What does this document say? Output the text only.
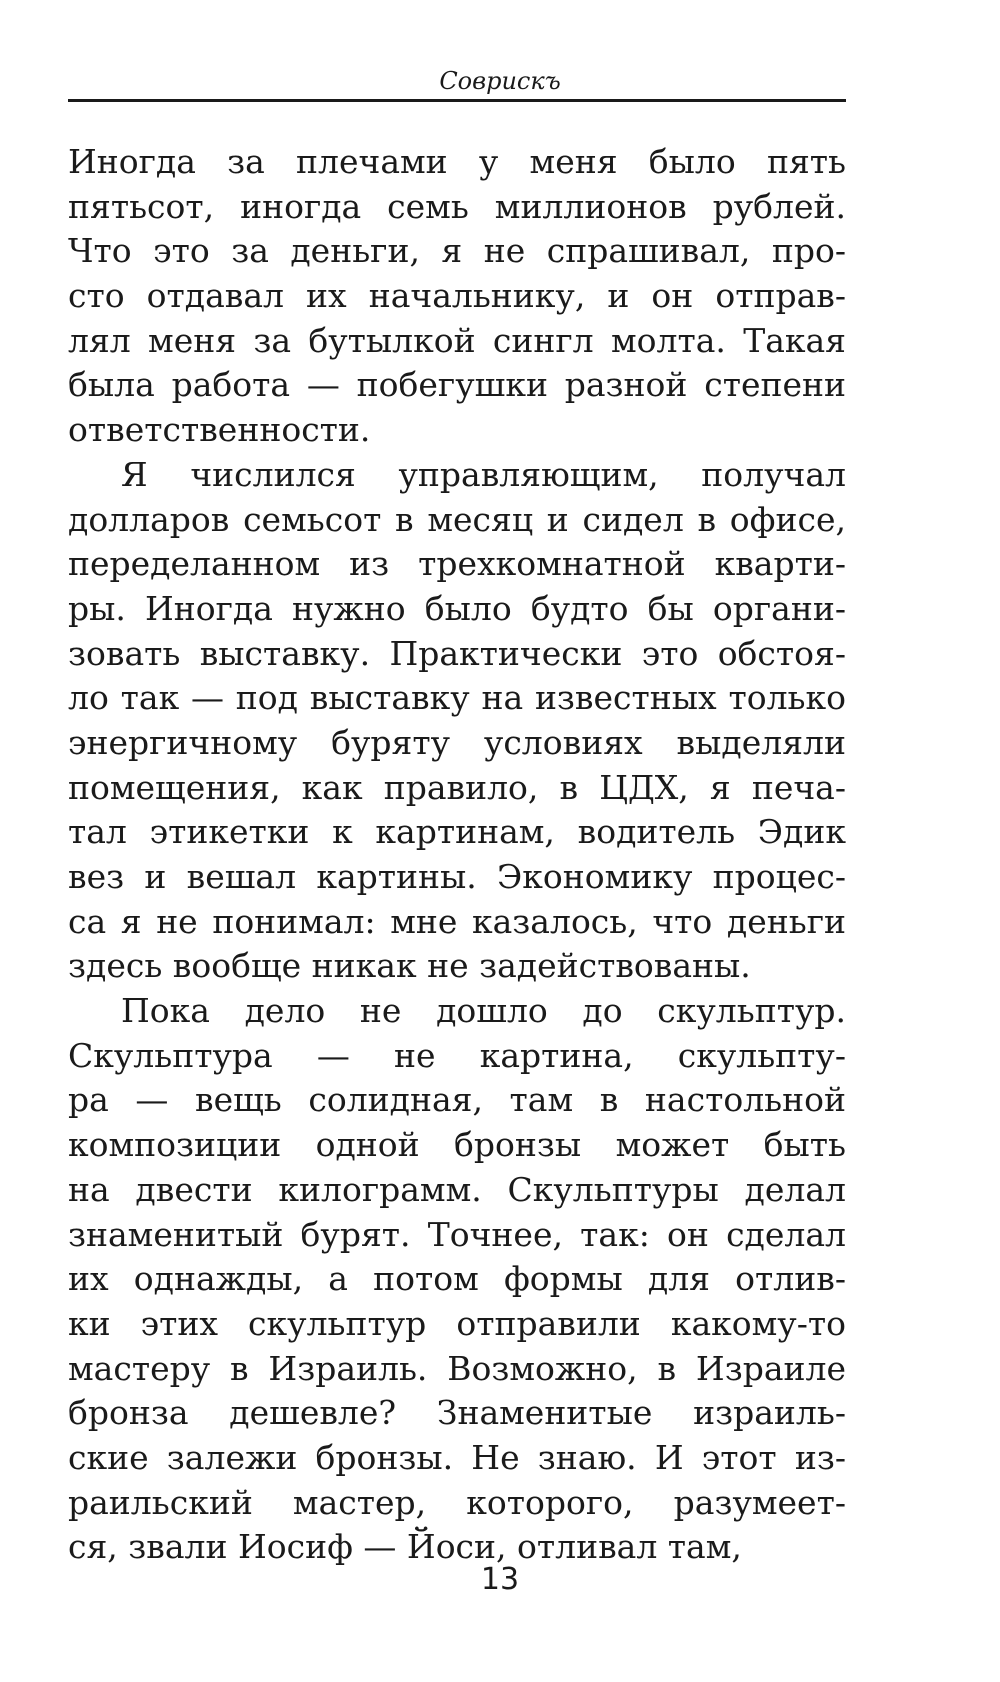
Соврискъ
Иногда за плечами у меня было пять
пятьсот, иногда семь миллионов рублей.
Что это за деньги, я не спрашивал, про-
сто отдавал их начальнику, и он отправ-
лял меня за бутылкой сингл молта. Такая
была работа — побегушки разной степени
ответственности.
Я числился управляющим, получал
долларов семьсот в месяц и сидел в офисе,
переделанном из трехкомнатной кварти-
ры. Иногда нужно было будто бы органи-
зовать выставку. Практически это обстоя-
ло так — под выставку на известных только
энергичному буряту условиях выделяли
помещения, как правило, в ЦДХ, я печа-
тал этикетки к картинам, водитель Эдик
вез и вешал картины. Экономику процес-
са я не понимал: мне казалось, что деньги
здесь вообще никак не задействованы.
Пока дело не дошло до скульптур.
Скульптура — не картина, скульпту-
ра — вещь солидная, там в настольной
композиции одной бронзы может быть
на двести килограмм. Скульптуры делал
знаменитый бурят. Точнее, так: он сделал
их однажды, а потом формы для отлив-
ки этих скульптур отправили какому-то
мастеру в Израиль. Возможно, в Израиле
бронза дешевле? Знаменитые израиль-
ские залежи бронзы. Не знаю. И этот из-
раильский мастер, которого, разумеет-
ся, звали Иосиф — Йоси, отливал там,
13
